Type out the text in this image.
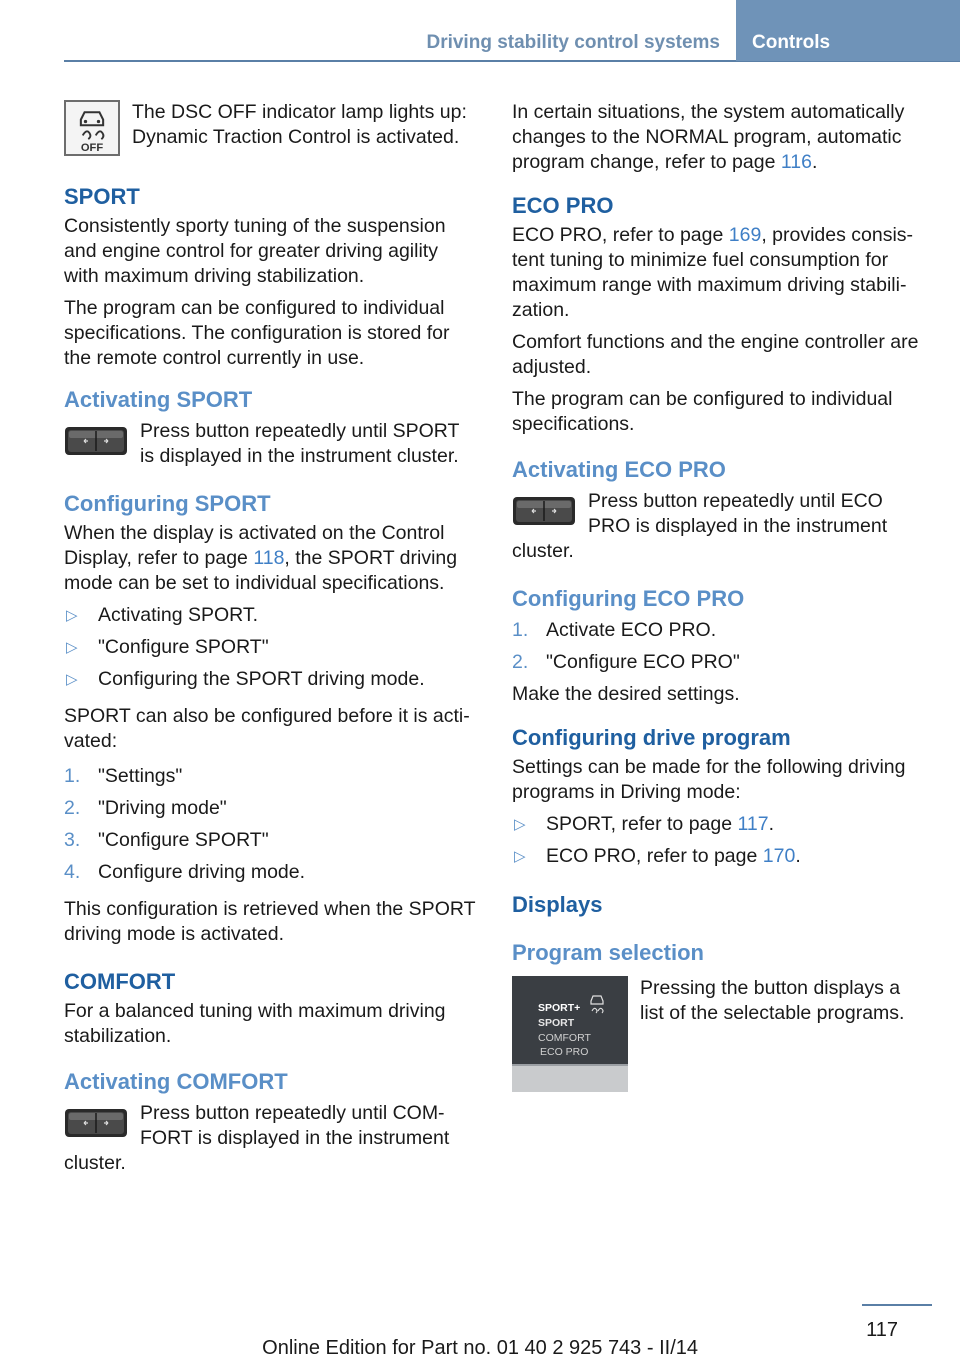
Driving stability control systems	Controls
OFF
The DSC OFF indicator lamp lights up: Dynamic Traction Control is activated.
SPORT

Consistently sporty tuning of the suspension and engine control for greater driving agility with maximum driving stabilization.

The program can be configured to individual specifications. The configuration is stored for the remote control currently in use.

Activating SPORT
Press button repeatedly until SPORT is displayed in the instrument cluster.
Configuring SPORT

When the display is activated on the Control Display, refer to page 118, the SPORT driving mode can be set to individual specifications.

▷ Activating SPORT.
▷ "Configure SPORT"
▷ Configuring the SPORT driving mode.

SPORT can also be configured before it is acti‐ vated:

1. "Settings"
2. "Driving mode"
3. "Configure SPORT"
4. Configure driving mode.

This configuration is retrieved when the SPORT driving mode is activated.

COMFORT

For a balanced tuning with maximum driving stabilization.

Activating COMFORT
Press button repeatedly until COM‐ FORT is displayed in the instrument cluster.

In certain situations, the system automatically changes to the NORMAL program, automatic program change, refer to page 116.

ECO PRO

ECO PRO, refer to page 169, provides consis‐ tent tuning to minimize fuel consumption for maximum range with maximum driving stabili‐ zation.

Comfort functions and the engine controller are adjusted.

The program can be configured to individual specifications.

Activating ECO PRO
Press button repeatedly until ECO PRO is displayed in the instrument cluster.
Configuring ECO PRO
1. Activate ECO PRO.
2. "Configure ECO PRO"

Make the desired settings.

Configuring drive program

Settings can be made for the following driving programs in Driving mode:

▷ SPORT, refer to page 117.
▷ ECO PRO, refer to page 170.
Displays
Program selection
SPORT+
SPORT
COMFORT
ECO PRO
Pressing the button displays a list of the selectable programs.
117
Online Edition for Part no. 01 40 2 925 743 - II/14
